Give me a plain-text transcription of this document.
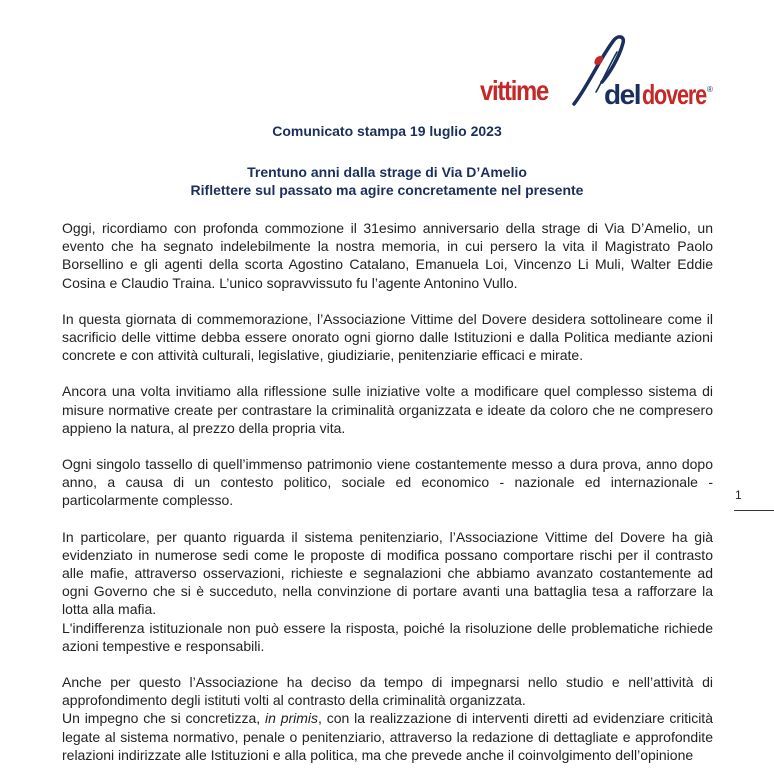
vittime del dovere ®
Comunicato stampa 19 luglio 2023
Trentuno anni dalla strage di Via D’Amelio
Riflettere sul passato ma agire concretamente nel presente

Oggi, ricordiamo con profonda commozione il 31esimo anniversario della strage di Via D’Amelio, un evento che ha segnato indelebilmente la nostra memoria, in cui persero la vita il Magistrato Paolo Borsellino e gli agenti della scorta Agostino Catalano, Emanuela Loi, Vincenzo Li Muli, Walter Eddie Cosina e Claudio Traina. L’unico sopravvissuto fu l’agente Antonino Vullo.

In questa giornata di commemorazione, l’Associazione Vittime del Dovere desidera sottolineare come il sacrificio delle vittime debba essere onorato ogni giorno dalle Istituzioni e dalla Politica mediante azioni concrete e con attività culturali, legislative, giudiziarie, penitenziarie efficaci e mirate.

Ancora una volta invitiamo alla riflessione sulle iniziative volte a modificare quel complesso sistema di misure normative create per contrastare la criminalità organizzata e ideate da coloro che ne compresero appieno la natura, al prezzo della propria vita.

Ogni singolo tassello di quell’immenso patrimonio viene costantemente messo a dura prova, anno dopo anno, a causa di un contesto politico, sociale ed economico - nazionale ed internazionale - particolarmente complesso.

In particolare, per quanto riguarda il sistema penitenziario, l’Associazione Vittime del Dovere ha già evidenziato in numerose sedi come le proposte di modifica possano comportare rischi per il contrasto alle mafie, attraverso osservazioni, richieste e segnalazioni che abbiamo avanzato costantemente ad ogni Governo che si è succeduto, nella convinzione di portare avanti una battaglia tesa a rafforzare la lotta alla mafia.

L'indifferenza istituzionale non può essere la risposta, poiché la risoluzione delle problematiche richiede azioni tempestive e responsabili.

Anche per questo l’Associazione ha deciso da tempo di impegnarsi nello studio e nell’attività di approfondimento degli istituti volti al contrasto della criminalità organizzata.

Un impegno che si concretizza, in primis, con la realizzazione di interventi diretti ad evidenziare criticità legate al sistema normativo, penale o penitenziario, attraverso la redazione di dettagliate e approfondite relazioni indirizzate alle Istituzioni e alla politica, ma che prevede anche il coinvolgimento dell’opinione

1
